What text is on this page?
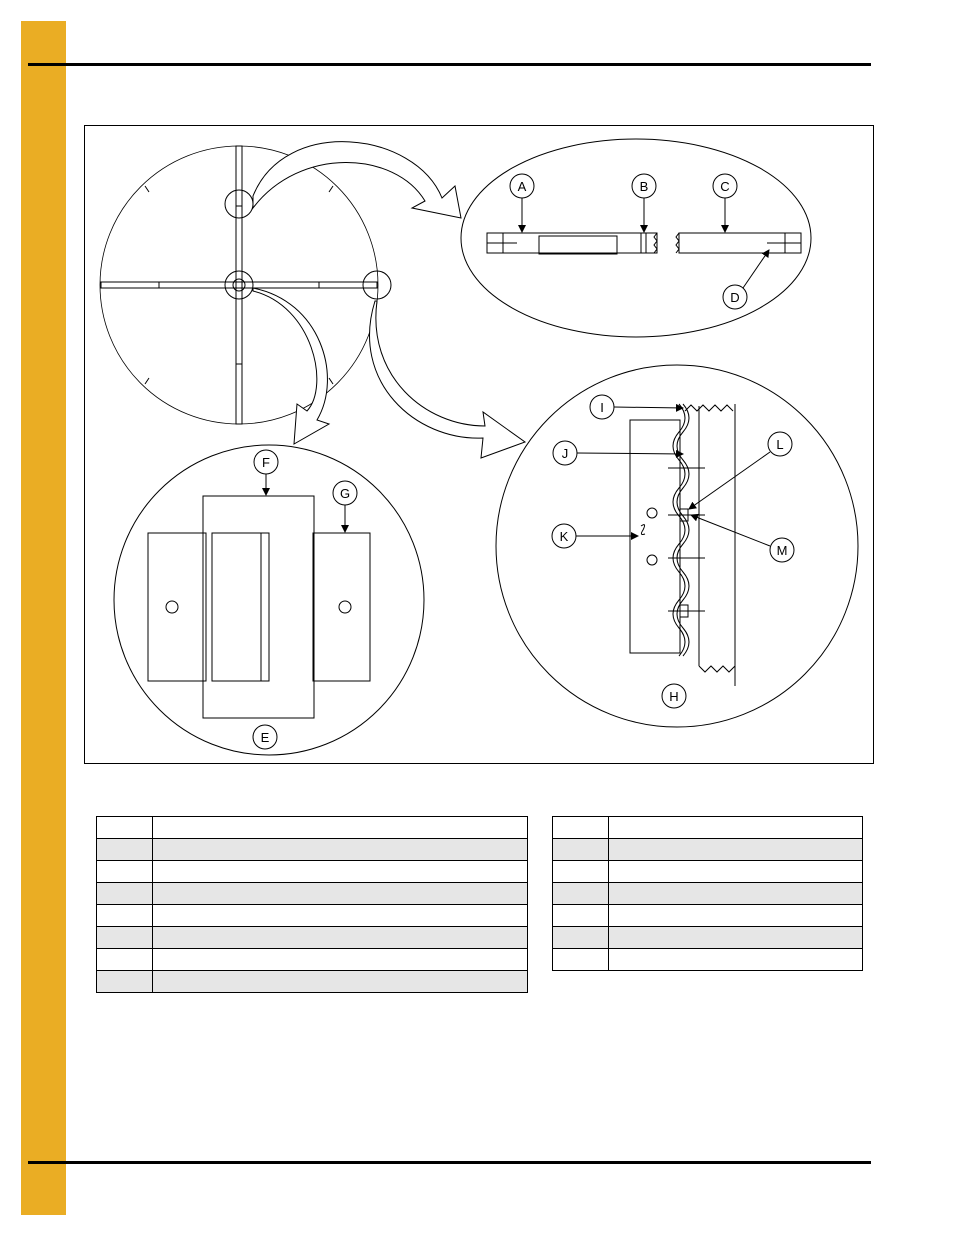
A	B	C
D
F
G
E
I
J
L
K
M
H
